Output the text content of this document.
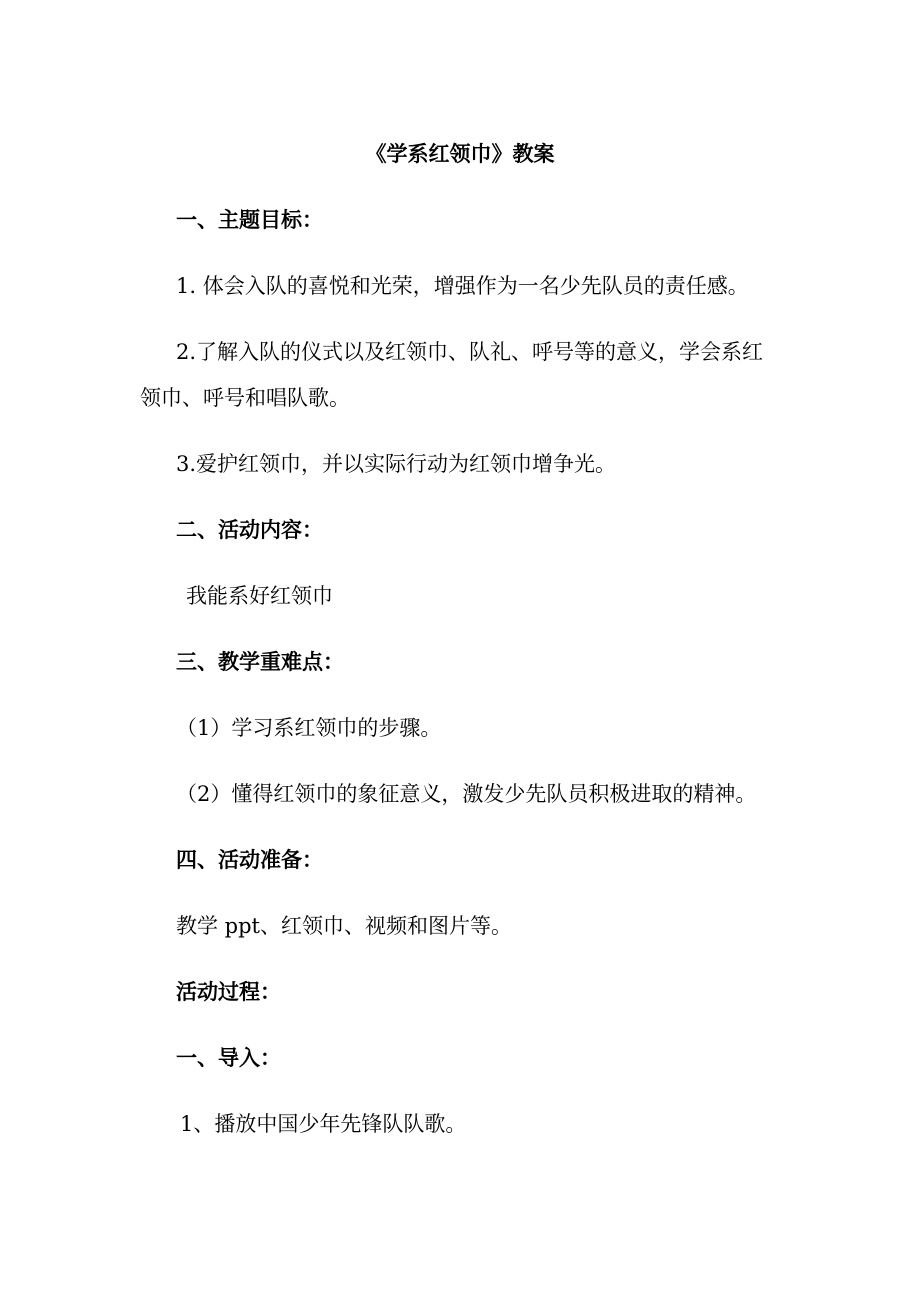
《学系红领巾》教案
一、主题目标：
1. 体会入队的喜悦和光荣，增强作为一名少先队员的责任感。
2.了解入队的仪式以及红领巾、队礼、呼号等的意义，学会系红
领巾、呼号和唱队歌。
3.爱护红领巾，并以实际行动为红领巾增争光。
二、活动内容：
我能系好红领巾
三、教学重难点：
（1）学习系红领巾的步骤。
（2）懂得红领巾的象征意义，激发少先队员积极进取的精神。
四、活动准备：
教学 ppt、红领巾、视频和图片等。
活动过程：
一、导入：
1、播放中国少年先锋队队歌。
